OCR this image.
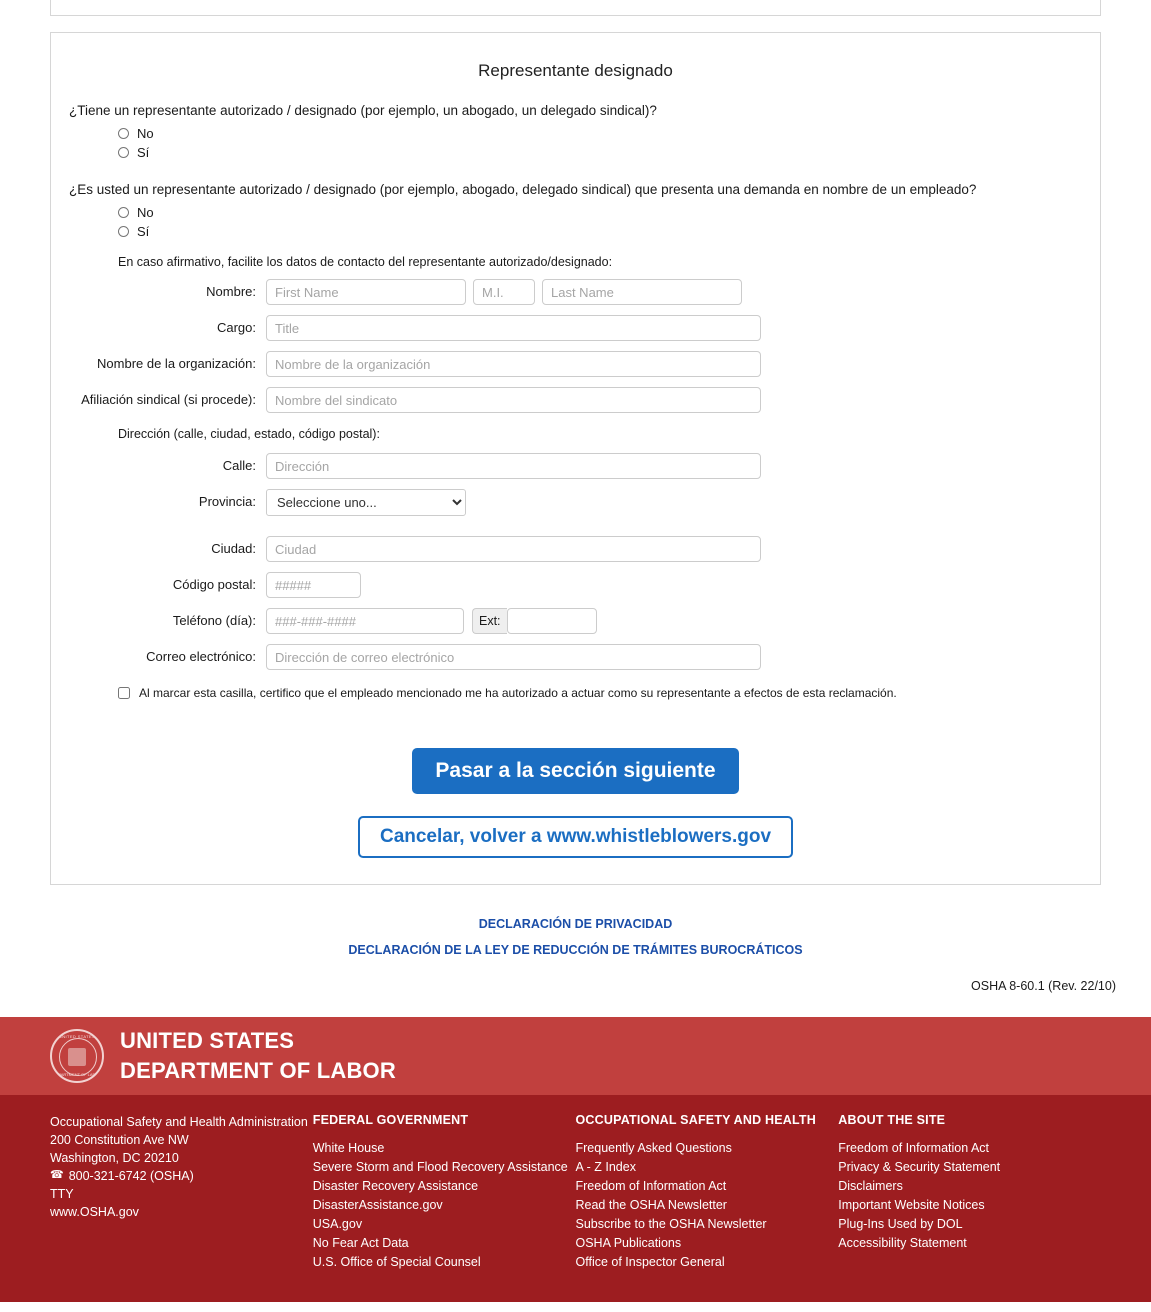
Representante designado
¿Tiene un representante autorizado / designado (por ejemplo, un abogado, un delegado sindical)?
No
Sí
¿Es usted un representante autorizado / designado (por ejemplo, abogado, delegado sindical) que presenta una demanda en nombre de un empleado?
No
Sí
En caso afirmativo, facilite los datos de contacto del representante autorizado/designado:
Nombre:
First Name
M.I.
Last Name
Cargo:
Title
Nombre de la organización:
Nombre de la organización
Afiliación sindical (si procede):
Nombre del sindicato
Dirección (calle, ciudad, estado, código postal):
Calle:
Dirección
Provincia:
Seleccione uno...
Ciudad:
Ciudad
Código postal:
#####
Teléfono (día):
###-###-####	Ext:
Correo electrónico:
Dirección de correo electrónico
Al marcar esta casilla, certifico que el empleado mencionado me ha autorizado a actuar como su representante a efectos de esta reclamación.
Pasar a la sección siguiente
Cancelar, volver a www.whistleblowers.gov
DECLARACIÓN DE PRIVACIDAD
DECLARACIÓN DE LA LEY DE REDUCCIÓN DE TRÁMITES BUROCRÁTICOS
OSHA 8-60.1 (Rev. 22/10)
UNITED STATES
DEPARTMENT OF LABOR
UNITED STATES
DEPARTMENT OF LABOR
Occupational Safety and Health Administration
200 Constitution Ave NW
Washington, DC 20210
☎ 800-321-6742 (OSHA)
TTY
www.OSHA.gov
FEDERAL GOVERNMENT
White House
Severe Storm and Flood Recovery Assistance
Disaster Recovery Assistance
DisasterAssistance.gov
USA.gov
No Fear Act Data
U.S. Office of Special Counsel
OCCUPATIONAL SAFETY AND HEALTH
Frequently Asked Questions
A - Z Index
Freedom of Information Act
Read the OSHA Newsletter
Subscribe to the OSHA Newsletter
OSHA Publications
Office of Inspector General
ABOUT THE SITE
Freedom of Information Act
Privacy & Security Statement
Disclaimers
Important Website Notices
Plug-Ins Used by DOL
Accessibility Statement
